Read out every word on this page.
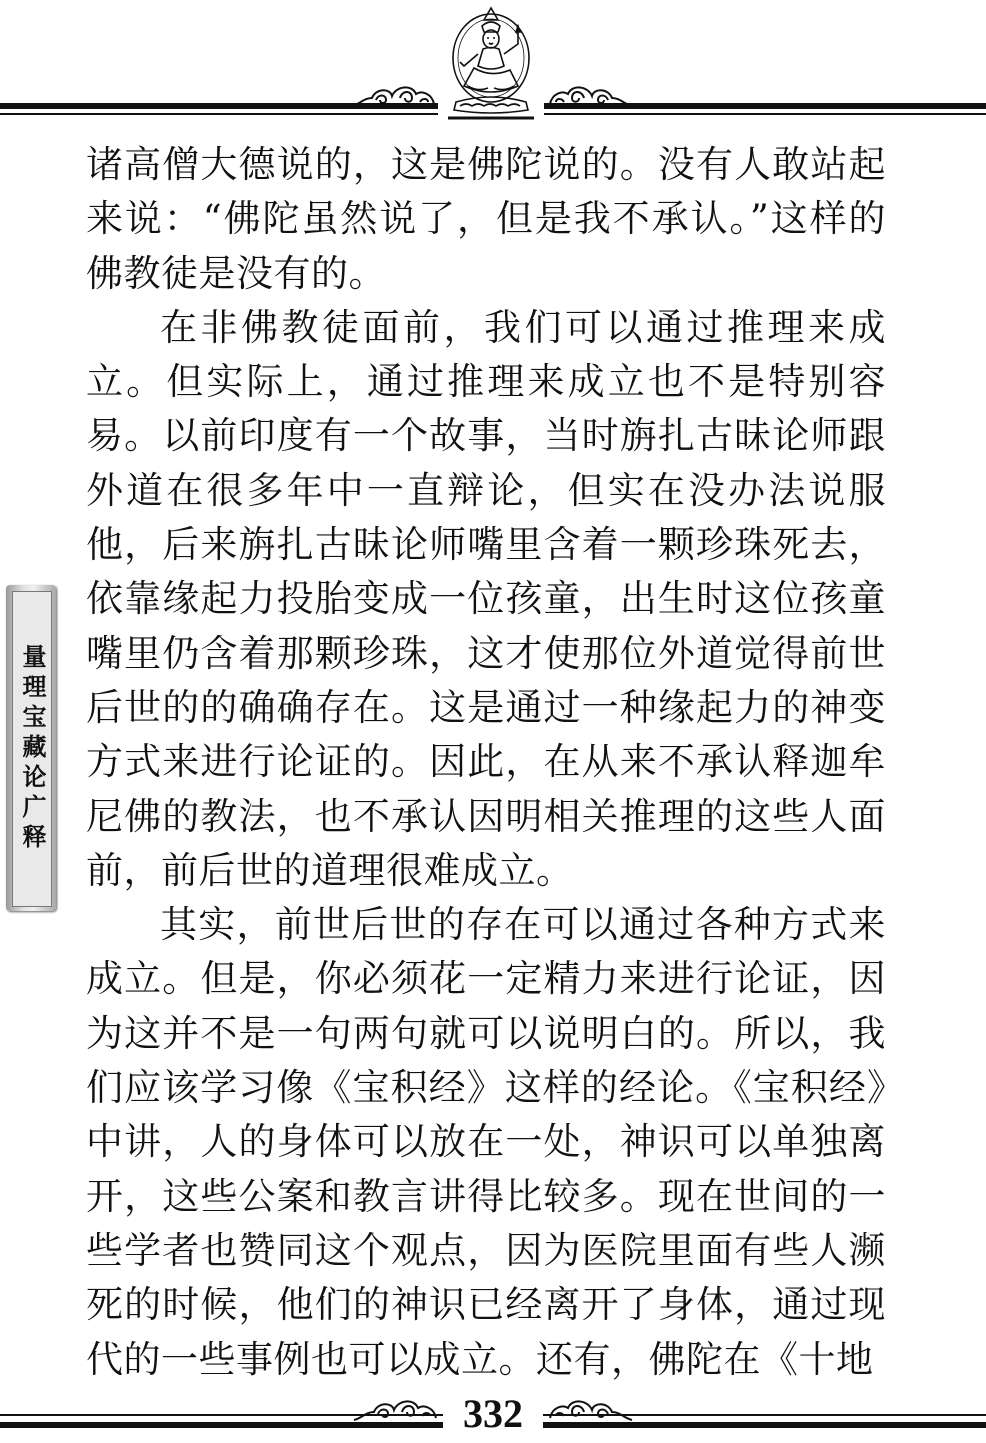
诸高僧大德说的，这是佛陀说的。没有人敢站起来说：“佛陀虽然说了，但是我不承认。”这样的佛教徒是没有的。

在非佛教徒面前，我们可以通过推理来成立。但实际上，通过推理来成立也不是特别容易。以前印度有一个故事，当时旃扎古昧论师跟外道在很多年中一直辩论，但实在没办法说服他，后来旃扎古昧论师嘴里含着一颗珍珠死去，依靠缘起力投胎变成一位孩童，出生时这位孩童嘴里仍含着那颗珍珠，这才使那位外道觉得前世后世的的确确存在。这是通过一种缘起力的神变方式来进行论证的。因此，在从来不承认释迦牟尼佛的教法，也不承认因明相关推理的这些人面前，前后世的道理很难成立。

其实，前世后世的存在可以通过各种方式来成立。但是，你必须花一定精力来进行论证，因为这并不是一句两句就可以说明白的。所以，我们应该学习像《宝积经》这样的经论。《宝积经》中讲，人的身体可以放在一处，神识可以单独离开，这些公案和教言讲得比较多。现在世间的一些学者也赞同这个观点，因为医院里面有些人濒死的时候，他们的神识已经离开了身体，通过现代的一些事例也可以成立。还有，佛陀在《十地

量理宝藏论广释
332
